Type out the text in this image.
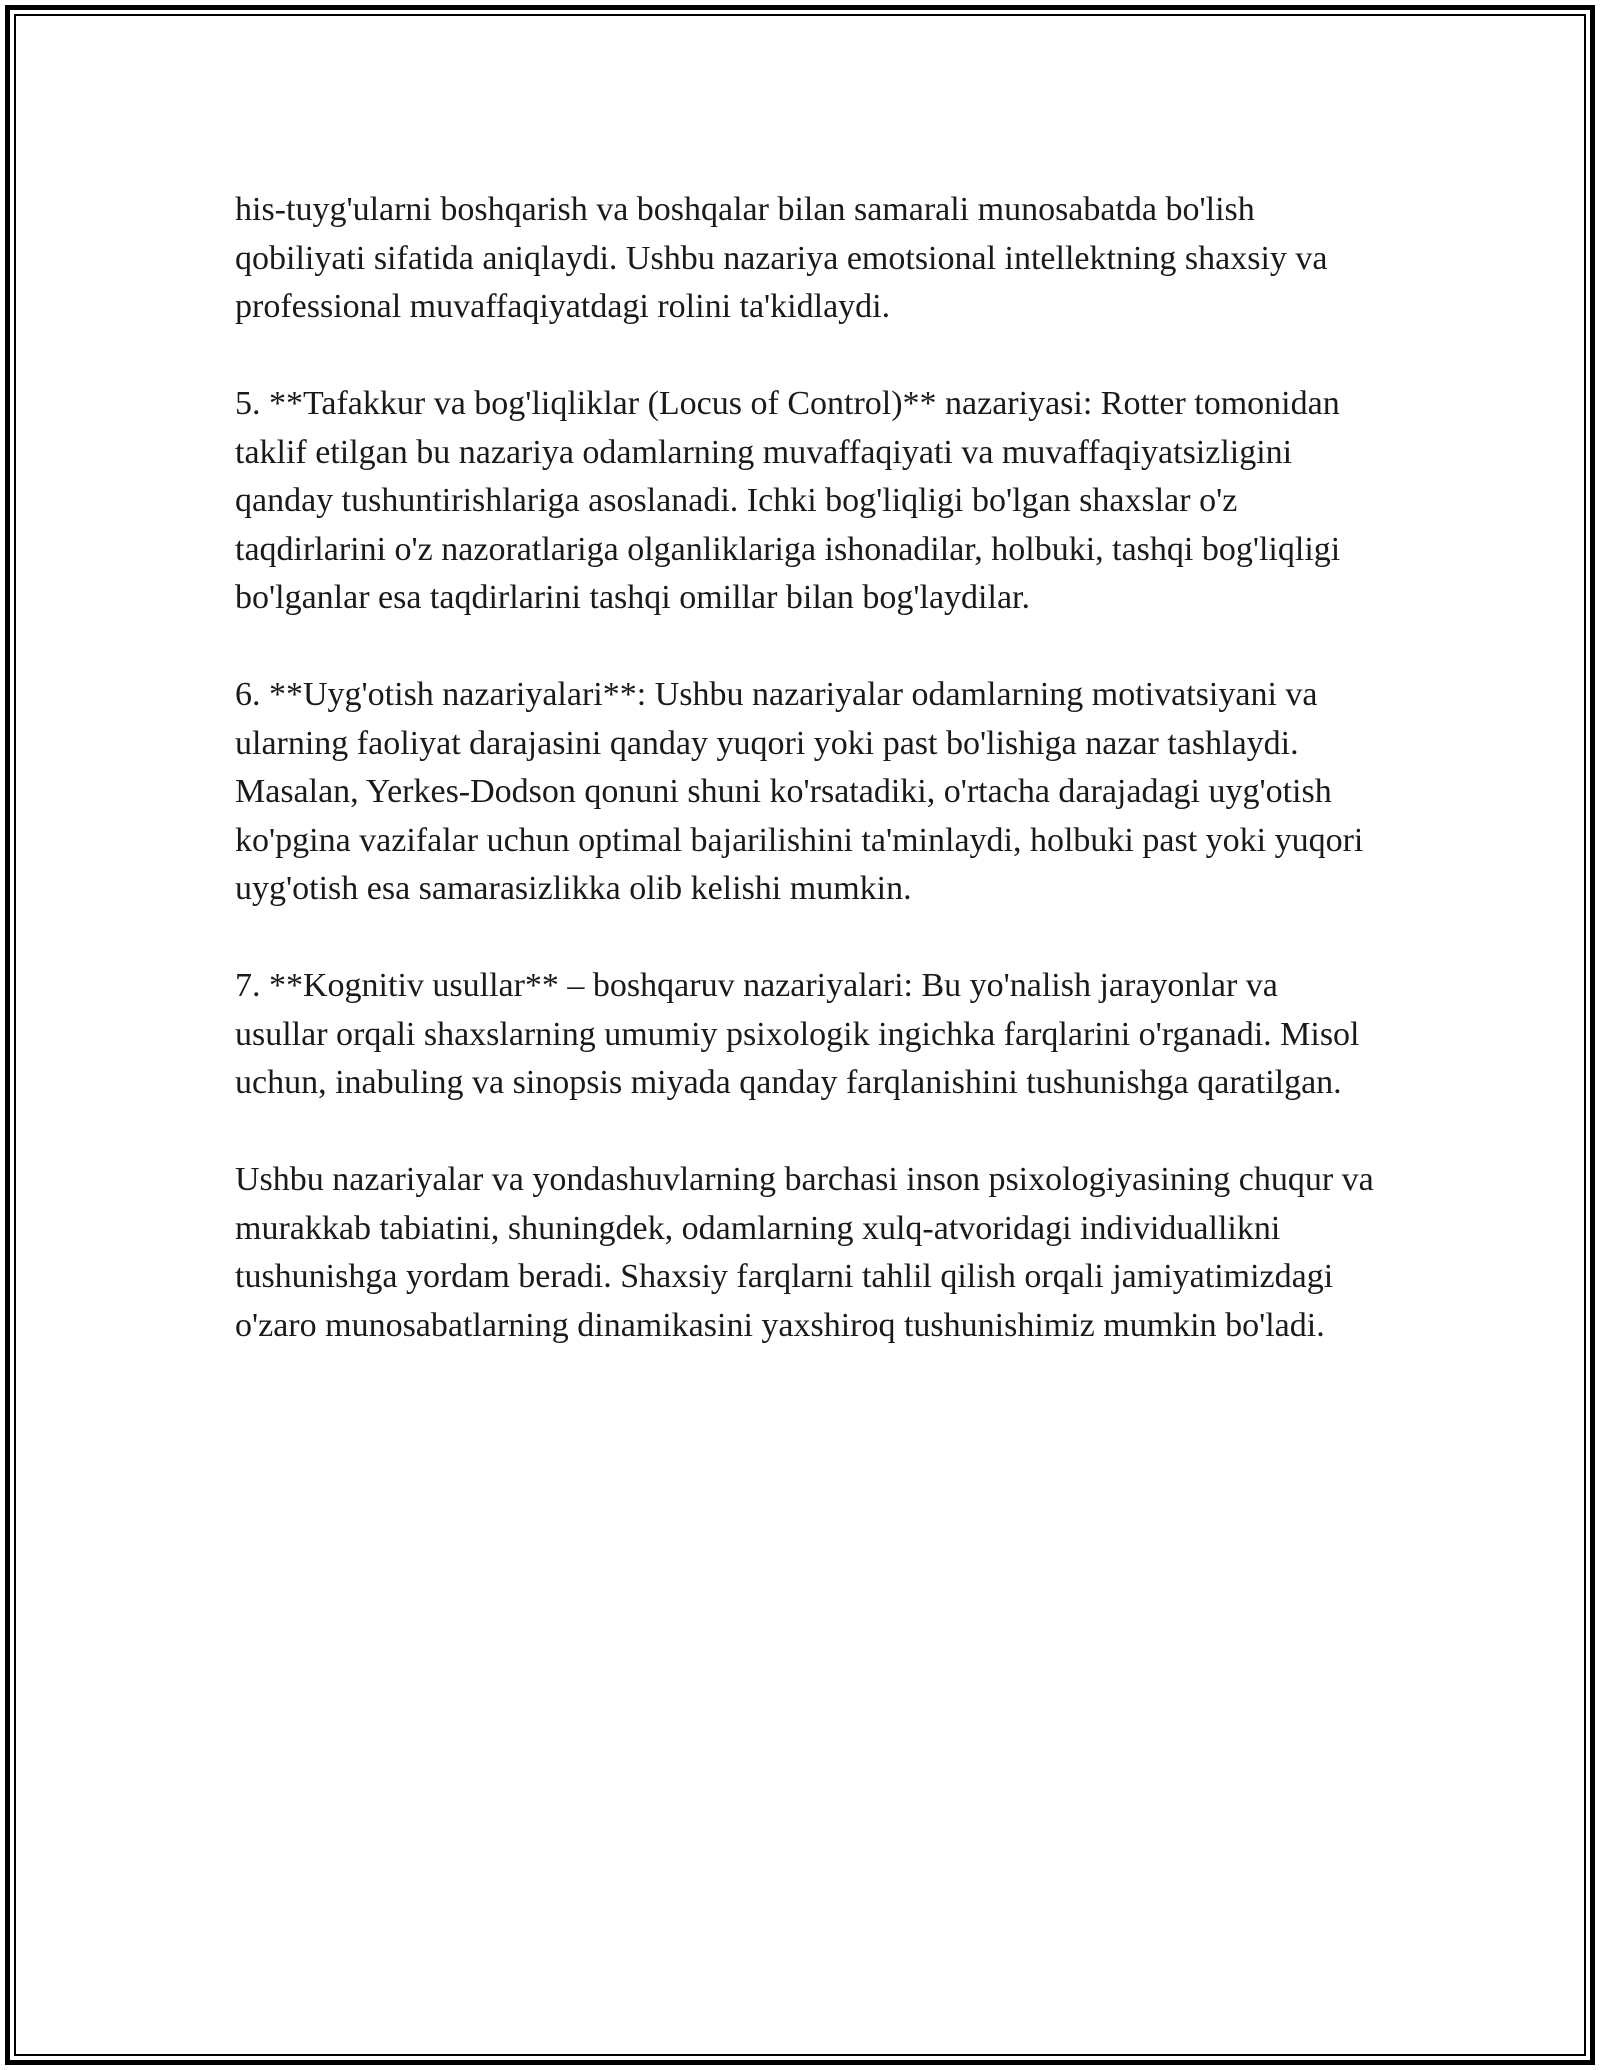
his-tuyg'ularni boshqarish va boshqalar bilan samarali munosabatda bo'lish qobiliyati sifatida aniqlaydi. Ushbu nazariya emotsional intellektning shaxsiy va professional muvaffaqiyatdagi rolini ta'kidlaydi.

5. **Tafakkur va bog'liqliklar (Locus of Control)** nazariyasi: Rotter tomonidan taklif etilgan bu nazariya odamlarning muvaffaqiyati va muvaffaqiyatsizligini qanday tushuntirishlariga asoslanadi. Ichki bog'liqligi bo'lgan shaxslar o'z taqdirlarini o'z nazoratlariga olganliklariga ishonadilar, holbuki, tashqi bog'liqligi bo'lganlar esa taqdirlarini tashqi omillar bilan bog'laydilar.

6. **Uyg'otish nazariyalari**: Ushbu nazariyalar odamlarning motivatsiyani va ularning faoliyat darajasini qanday yuqori yoki past bo'lishiga nazar tashlaydi. Masalan, Yerkes-Dodson qonuni shuni ko'rsatadiki, o'rtacha darajadagi uyg'otish ko'pgina vazifalar uchun optimal bajarilishini ta'minlaydi, holbuki past yoki yuqori uyg'otish esa samarasizlikka olib kelishi mumkin.

7. **Kognitiv usullar** – boshqaruv nazariyalari: Bu yo'nalish jarayonlar va usullar orqali shaxslarning umumiy psixologik ingichka farqlarini o'rganadi. Misol uchun, inabuling va sinopsis miyada qanday farqlanishini tushunishga qaratilgan.

Ushbu nazariyalar va yondashuvlarning barchasi inson psixologiyasining chuqur va murakkab tabiatini, shuningdek, odamlarning xulq-atvoridagi individuallikni tushunishga yordam beradi. Shaxsiy farqlarni tahlil qilish orqali jamiyatimizdagi o'zaro munosabatlarning dinamikasini yaxshiroq tushunishimiz mumkin bo'ladi.
